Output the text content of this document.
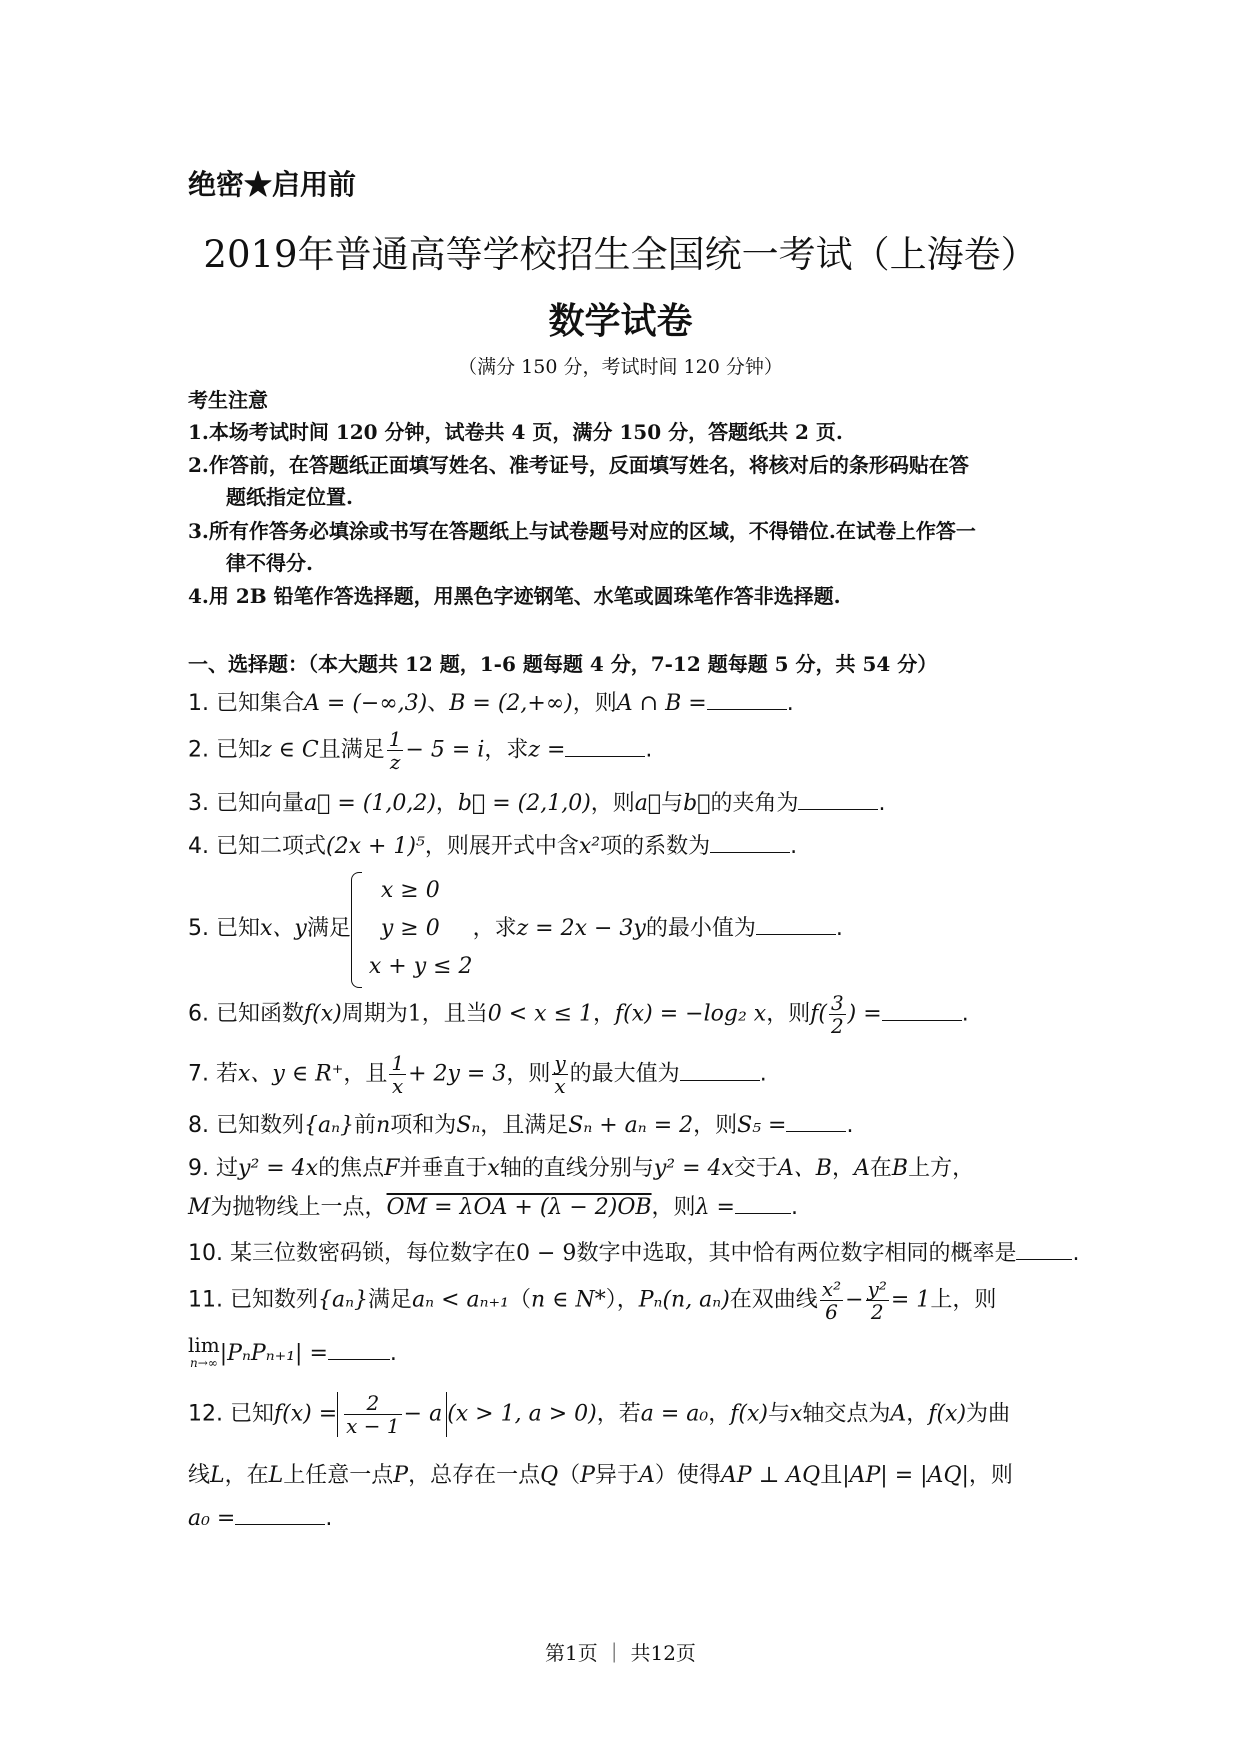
绝密★启用前
2019年普通高等学校招生全国统一考试（上海卷）
数学试卷
（满分 150 分，考试时间 120 分钟）
考生注意
1.本场考试时间 120 分钟，试卷共 4 页，满分 150 分，答题纸共 2 页.
2.作答前，在答题纸正面填写姓名、准考证号，反面填写姓名，将核对后的条形码贴在答
题纸指定位置.
3.所有作答务必填涂或书写在答题纸上与试卷题号对应的区域，不得错位.在试卷上作答一
律不得分.
4.用 2B 铅笔作答选择题，用黑色字迹钢笔、水笔或圆珠笔作答非选择题.
一、选择题：（本大题共 12 题，1-6 题每题 4 分，7-12 题每题 5 分，共 54 分）
1. 已知集合A = (−∞,3)、B = (2,+∞)，则A ∩ B =	.
2. 已知z ∈ C且满足 $\frac{1}{z} - 5 = i$，求z =	.
3. 已知向量a⃗ = (1,0,2)，b⃗ = (2,1,0)，则a⃗与b⃗的夹角为	.
4. 已知二项式(2x + 1)⁵，则展开式中含x²项的系数为	.
5. 已知x、y满足
x ≥ 0
y ≥ 0
x + y ≤ 2
，求z = 2x − 3y的最小值为	.
6. 已知函数f(x)周期为1，且当0 < x ≤ 1，f(x) = −log₂ x，则$f( \frac{3}{2}$ ) =	.
7. 若x、y ∈ R⁺，且 $\frac{1}{x} + 2y = 3$，则 $\frac{y}{x}$ 的最大值为	.
8. 已知数列{aₙ}前n项和为Sₙ，且满足Sₙ + aₙ = 2，则S₅ =	.
9. 过y² = 4x的焦点F并垂直于x轴的直线分别与y² = 4x交于A、B，A在B上方，
M为抛物线上一点，OM = λOA + (λ − 2)OB，则λ =	.
10. 某三位数密码锁，每位数字在0 − 9数字中选取，其中恰有两位数字相同的概率是	.
11. 已知数列{aₙ}满足aₙ < aₙ₊₁（n ∈ N*），Pₙ(n, aₙ)在双曲线 $\frac{\text{x²}}{6} - \frac{\text{y²}}{2} = 1$上，则
lim
n→∞ |PₙPₙ₊₁| =	.
12. 已知$f(x) = \frac{2}{x - 1} - a$ (x > 1, a > 0)，若a = a₀，f(x)与x轴交点为A，f(x)为曲
线L，在L上任意一点P，总存在一点Q（P异于A）使得AP ⊥ AQ且|AP| = |AQ|，则
a₀ =	.
第1页 ｜ 共12页
